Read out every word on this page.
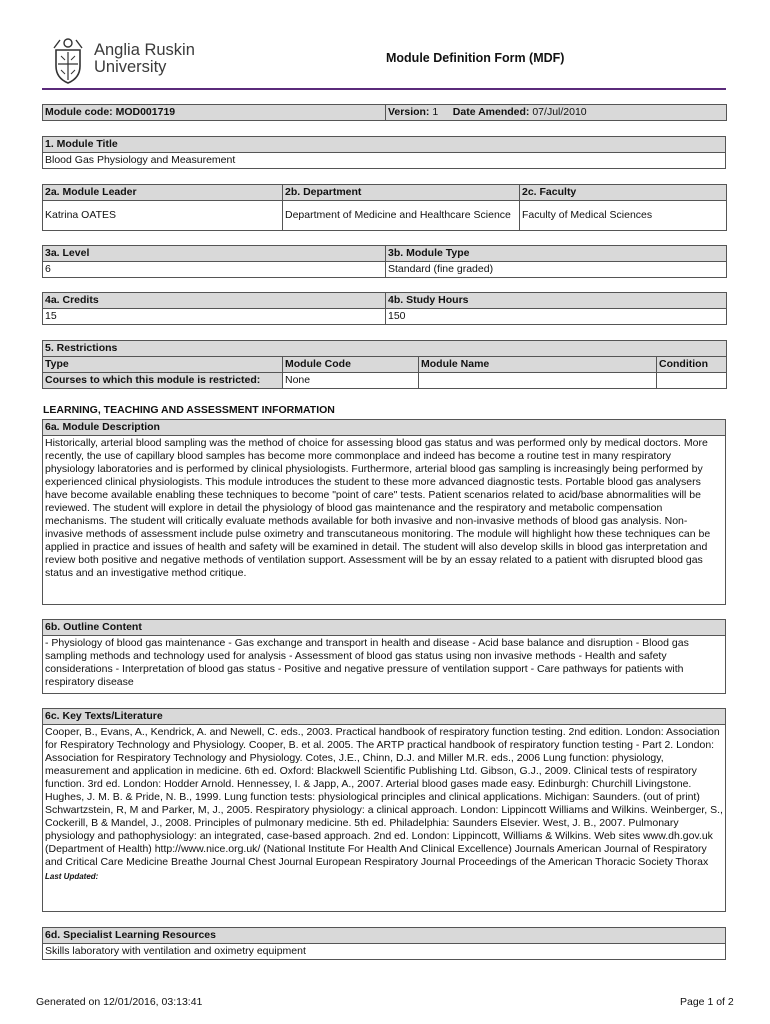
Anglia Ruskin
University	Module Definition Form (MDF)
Module code: MOD001719	Version: 1 Date Amended: 07/Jul/2010
1. Module Title
Blood Gas Physiology and Measurement
2a. Module Leader	2b. Department	2c. Faculty
Katrina OATES	Department of Medicine and Healthcare Science	Faculty of Medical Sciences
3a. Level	3b. Module Type
6	Standard (fine graded)
4a. Credits	4b. Study Hours
15	150
5. Restrictions			
Type	Module Code	Module Name	Condition
Courses to which this module is restricted:	None		
LEARNING, TEACHING AND ASSESSMENT INFORMATION
6a. Module Description
Historically, arterial blood sampling was the method of choice for assessing blood gas status and was performed only by medical doctors. More recently, the use of capillary blood samples has become more commonplace and indeed has become a routine test in many respiratory physiology laboratories and is performed by clinical physiologists. Furthermore, arterial blood gas sampling is increasingly being performed by experienced clinical physiologists. This module introduces the student to these more advanced diagnostic tests. Portable blood gas analysers have become available enabling these techniques to become "point of care" tests. Patient scenarios related to acid/base abnormalities will be reviewed. The student will explore in detail the physiology of blood gas maintenance and the respiratory and metabolic compensation mechanisms. The student will critically evaluate methods available for both invasive and non-invasive methods of blood gas analysis. Non-invasive methods of assessment include pulse oximetry and transcutaneous monitoring. The module will highlight how these techniques can be applied in practice and issues of health and safety will be examined in detail. The student will also develop skills in blood gas interpretation and review both positive and negative methods of ventilation support. Assessment will be by an essay related to a patient with disrupted blood gas status and an investigative method critique.
6b. Outline Content
- Physiology of blood gas maintenance - Gas exchange and transport in health and disease - Acid base balance and disruption - Blood gas sampling methods and technology used for analysis - Assessment of blood gas status using non invasive methods - Health and safety considerations - Interpretation of blood gas status - Positive and negative pressure of ventilation support - Care pathways for patients with respiratory disease
6c. Key Texts/Literature

Cooper, B., Evans, A., Kendrick, A. and Newell, C. eds., 2003. Practical handbook of respiratory function testing. 2nd edition. London: Association for Respiratory Technology and Physiology. Cooper, B. et al. 2005. The ARTP practical handbook of respiratory function testing - Part 2. London: Association for Respiratory Technology and Physiology. Cotes, J.E., Chinn, D.J. and Miller M.R. eds., 2006 Lung function: physiology, measurement and application in medicine. 6th ed. Oxford: Blackwell Scientific Publishing Ltd. Gibson, G.J., 2009. Clinical tests of respiratory function. 3rd ed. London: Hodder Arnold. Hennessey, I. & Japp, A., 2007. Arterial blood gases made easy. Edinburgh: Churchill Livingstone. Hughes, J. M. B. & Pride, N. B., 1999. Lung function tests: physiological principles and clinical applications. Michigan: Saunders. (out of print) Schwartzstein, R, M and Parker, M, J., 2005. Respiratory physiology: a clinical approach. London: Lippincott Williams and Wilkins. Weinberger, S., Cockerill, B & Mandel, J., 2008. Principles of pulmonary medicine. 5th ed. Philadelphia: Saunders Elsevier. West, J. B., 2007. Pulmonary physiology and pathophysiology: an integrated, case-based approach. 2nd ed. London: Lippincott, Williams & Wilkins. Web sites www.dh.gov.uk (Department of Health) http://www.nice.org.uk/ (National Institute For Health And Clinical Excellence) Journals American Journal of Respiratory and Critical Care Medicine Breathe Journal Chest Journal European Respiratory Journal Proceedings of the American Thoracic Society Thorax
Last Updated:
6d. Specialist Learning Resources
Skills laboratory with ventilation and oximetry equipment
Generated on 12/01/2016, 03:13:41	Page 1 of 2
